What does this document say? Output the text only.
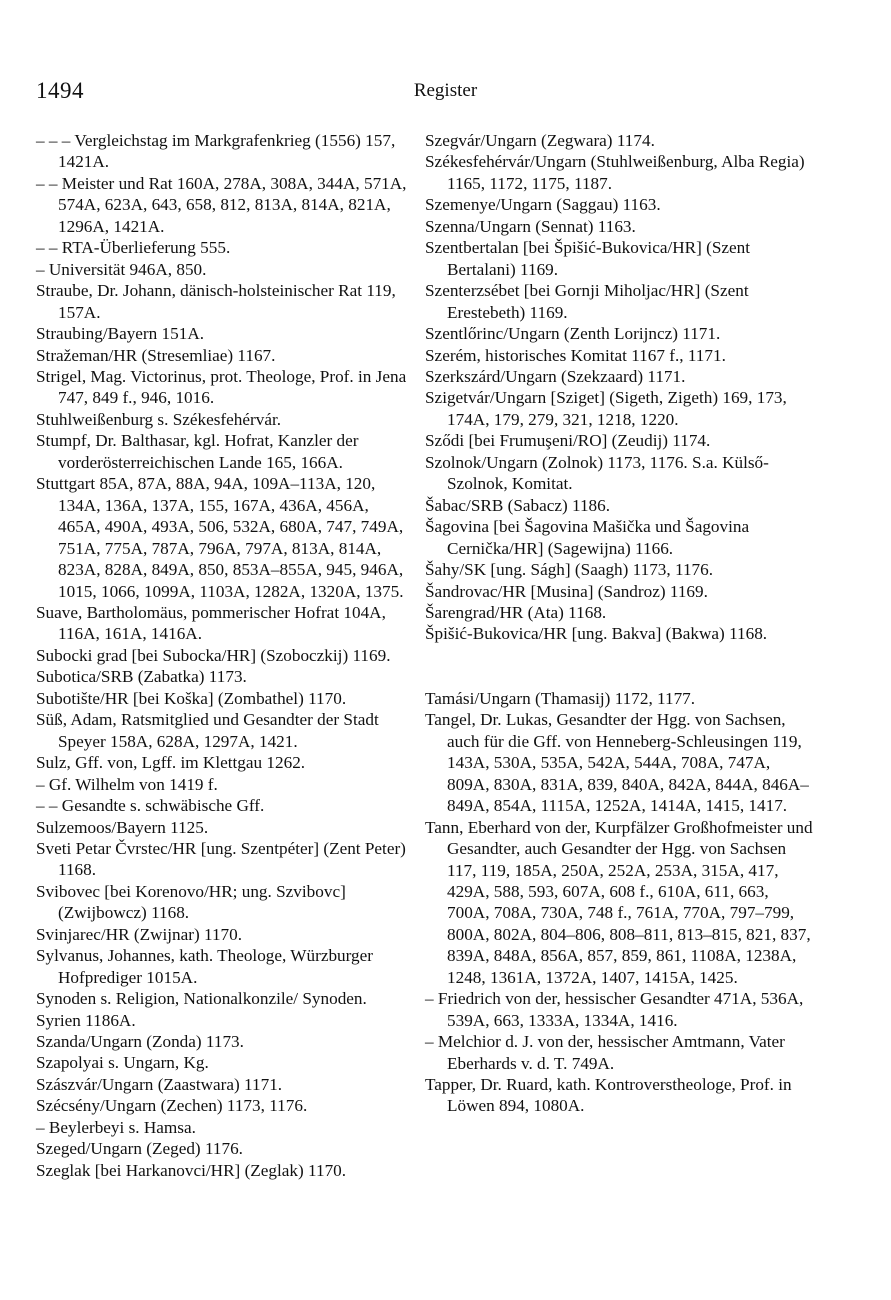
1494	Register

– – – Vergleichstag im Markgrafenkrieg (1556) 157, 1421A.

– – Meister und Rat 160A, 278A, 308A, 344A, 571A, 574A, 623A, 643, 658, 812, 813A, 814A, 821A, 1296A, 1421A.

– – RTA-Überlieferung 555.

– Universität 946A, 850.

Straube, Dr. Johann, dänisch-holsteinischer Rat 119, 157A.

Straubing/Bayern 151A.

Stražeman/HR (Stresemliae) 1167.

Strigel, Mag. Victorinus, prot. Theologe, Prof. in Jena 747, 849 f., 946, 1016.

Stuhlweißenburg s. Székesfehérvár.

Stumpf, Dr. Balthasar, kgl. Hofrat, Kanzler der vorderösterreichischen Lande 165, 166A.

Stuttgart 85A, 87A, 88A, 94A, 109A–113A, 120, 134A, 136A, 137A, 155, 167A, 436A, 456A, 465A, 490A, 493A, 506, 532A, 680A, 747, 749A, 751A, 775A, 787A, 796A, 797A, 813A, 814A, 823A, 828A, 849A, 850, 853A–855A, 945, 946A, 1015, 1066, 1099A, 1103A, 1282A, 1320A, 1375.

Suave, Bartholomäus, pommerischer Hofrat 104A, 116A, 161A, 1416A.

Subocki grad [bei Subocka/HR] (Szoboczkij) 1169.

Subotica/SRB (Zabatka) 1173.

Subotište/HR [bei Koška] (Zombathel) 1170.

Süß, Adam, Ratsmitglied und Gesandter der Stadt Speyer 158A, 628A, 1297A, 1421.

Sulz, Gff. von, Lgff. im Klettgau 1262.

– Gf. Wilhelm von 1419 f.

– – Gesandte s. schwäbische Gff.

Sulzemoos/Bayern 1125.

Sveti Petar Čvrstec/HR [ung. Szentpéter] (Zent Peter) 1168.

Svibovec [bei Korenovo/HR; ung. Szvibovc] (Zwijbowcz) 1168.

Svinjarec/HR (Zwijnar) 1170.

Sylvanus, Johannes, kath. Theologe, Würzburger Hofprediger 1015A.

Synoden s. Religion, Nationalkonzile/ Synoden.

Syrien 1186A.

Szanda/Ungarn (Zonda) 1173.

Szapolyai s. Ungarn, Kg.

Szászvár/Ungarn (Zaastwara) 1171.

Szécsény/Ungarn (Zechen) 1173, 1176.

– Beylerbeyi s. Hamsa.

Szeged/Ungarn (Zeged) 1176.

Szeglak [bei Harkanovci/HR] (Zeglak) 1170.

Szegvár/Ungarn (Zegwara) 1174.

Székesfehérvár/Ungarn (Stuhlweißenburg, Alba Regia) 1165, 1172, 1175, 1187.

Szemenye/Ungarn (Saggau) 1163.

Szenna/Ungarn (Sennat) 1163.

Szentbertalan [bei Špišić-Bukovica/HR] (Szent Bertalani) 1169.

Szenterzsébet [bei Gornji Miholjac/HR] (Szent Erestebeth) 1169.

Szentlőrinc/Ungarn (Zenth Lorijncz) 1171.

Szerém, historisches Komitat 1167 f., 1171.

Szerkszárd/Ungarn (Szekzaard) 1171.

Szigetvár/Ungarn [Sziget] (Sigeth, Zigeth) 169, 173, 174A, 179, 279, 321, 1218, 1220.

Sződi [bei Frumuşeni/RO] (Zeudij) 1174.

Szolnok/Ungarn (Zolnok) 1173, 1176. S.a. Külső-Szolnok, Komitat.

Šabac/SRB (Sabacz) 1186.

Šagovina [bei Šagovina Mašička und Šagovina Cernička/HR] (Sagewijna) 1166.

Šahy/SK [ung. Ságh] (Saagh) 1173, 1176.

Šandrovac/HR [Musina] (Sandroz) 1169.

Šarengrad/HR (Ata) 1168.

Špišić-Bukovica/HR [ung. Bakva] (Bakwa) 1168.

Tamási/Ungarn (Thamasij) 1172, 1177.

Tangel, Dr. Lukas, Gesandter der Hgg. von Sachsen, auch für die Gff. von Henneberg-Schleusingen 119, 143A, 530A, 535A, 542A, 544A, 708A, 747A, 809A, 830A, 831A, 839, 840A, 842A, 844A, 846A–849A, 854A, 1115A, 1252A, 1414A, 1415, 1417.

Tann, Eberhard von der, Kurpfälzer Großhofmeister und Gesandter, auch Gesandter der Hgg. von Sachsen 117, 119, 185A, 250A, 252A, 253A, 315A, 417, 429A, 588, 593, 607A, 608 f., 610A, 611, 663, 700A, 708A, 730A, 748 f., 761A, 770A, 797–799, 800A, 802A, 804–806, 808–811, 813–815, 821, 837, 839A, 848A, 856A, 857, 859, 861, 1108A, 1238A, 1248, 1361A, 1372A, 1407, 1415A, 1425.

– Friedrich von der, hessischer Gesandter 471A, 536A, 539A, 663, 1333A, 1334A, 1416.

– Melchior d. J. von der, hessischer Amtmann, Vater Eberhards v. d. T. 749A.

Tapper, Dr. Ruard, kath. Kontroverstheologe, Prof. in Löwen 894, 1080A.
